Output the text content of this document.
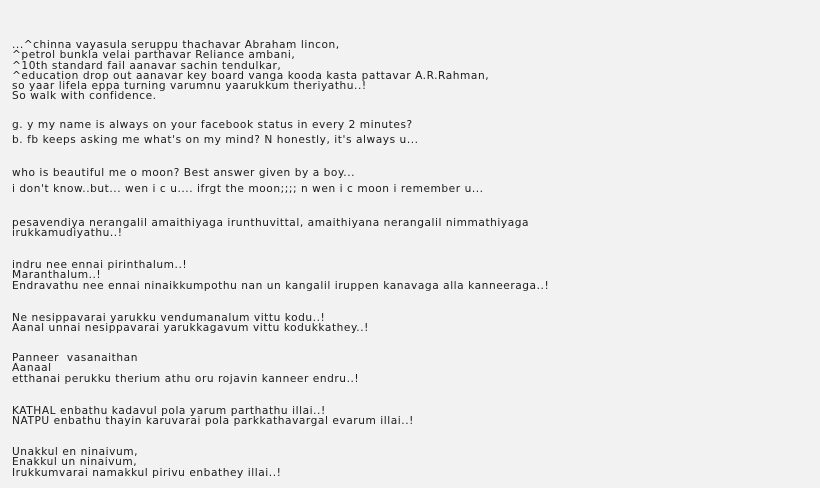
...^chinna vayasula seruppu thachavar Abraham lincon,
^petrol bunkla velai parthavar Reliance ambani,
^10th standard fail aanavar sachin tendulkar,
^education drop out aanavar key board vanga kooda kasta pattavar A.R.Rahman,
so yaar lifela eppa turning varumnu yaarukkum theriyathu..!
So walk with confidence.
g. y my name is always on your facebook status in every 2 minutes?
b. fb keeps asking me what's on my mind? N honestly, it's always u...
who is beautiful me o moon? Best answer given by a boy...
i don't know..but... wen i c u.... ifrgt the moon;;;; n wen i c moon i remember u...
pesavendiya nerangalil amaithiyaga irunthuvittal, amaithiyana nerangalil nimmathiyaga
irukkamudiyathu..!
indru nee ennai pirinthalum..!
Maranthalum..!
Endravathu nee ennai ninaikkumpothu nan un kangalil iruppen kanavaga alla kanneeraga..!
Ne nesippavarai yarukku vendumanalum vittu kodu..!
Aanal unnai nesippavarai yarukkagavum vittu kodukkathey..!
Panneer  vasanaithan
Aanaal
etthanai perukku therium athu oru rojavin kanneer endru..!
KATHAL enbathu kadavul pola yarum parthathu illai..!
NATPU enbathu thayin karuvarai pola parkkathavargal evarum illai..!
Unakkul en ninaivum,
Enakkul un ninaivum,
Irukkumvarai namakkul pirivu enbathey illai..!
